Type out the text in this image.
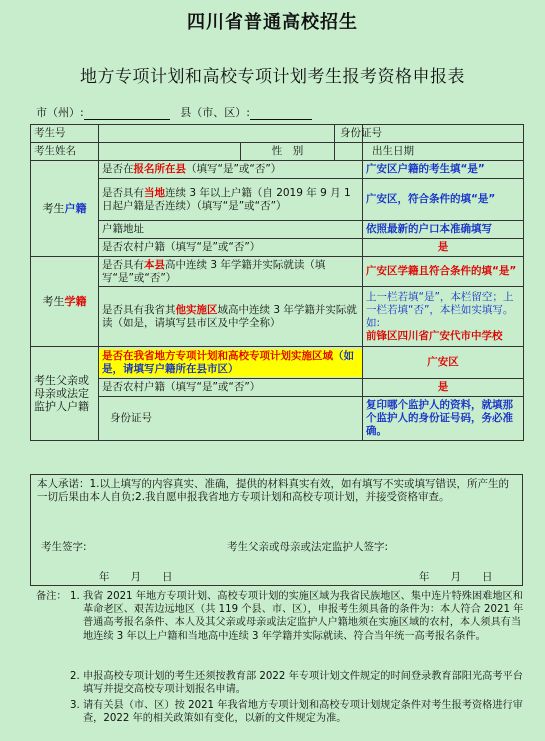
四川省普通高校招生
地方专项计划和高校专项计划考生报考资格申报表
市（州）:	县（市、区）:
考生号			身份证号	
考生姓名		性　别		出生日期
考生户籍	是否在报名所在县（填写“是”或“否”）			广安区户籍的考生填“是”
	是否具有当地连续 3 年以上户籍（自 2019 年 9 月 1 日起户籍是否连续）（填写“是”或“否”）			广安区，符合条件的填“是”
	户籍地址			依照最新的户口本准确填写
	是否农村户籍（填写“是”或“否”）			是
考生学籍	是否具有本县高中连续 3 年学籍并实际就读（填写“是”或“否”）			广安区学籍且符合条件的填“是”
	是否具有我省其他实施区域高中连续 3 年学籍并实际就读（如是，请填写县市区及中学全称）			上一栏若填“是”，本栏留空；上一栏若填“否”，本栏如实填写。如:
前锋区四川省广安代市中学校
考生父亲或母亲或法定监护人户籍	是否在我省地方专项计划和高校专项计划实施区域（如是，请填写户籍所在县市区）			广安区
	是否农村户籍（填写“是”或“否”）			是
	身份证号			复印哪个监护人的资料，就填那个监护人的身份证号码，务必准确。
本人承诺：1.以上填写的内容真实、准确，提供的材料真实有效，如有填写不实或填写错误，所产生的一切后果由本人自负;2.我自愿申报我省地方专项计划和高校专项计划，并接受资格审查。
考生签字:	考生父亲或母亲或法定监护人签字:
年　　月　　日	年　　月　　日
备注： 1. 我省 2021 年地方专项计划、高校专项计划的实施区域为我省民族地区、集中连片特殊困难地区和革命老区、艰苦边远地区（共 119 个县、市、区），申报考生须具备的条件为：本人符合 2021 年普通高考报名条件、本人及其父亲或母亲或法定监护人户籍地须在实施区域的农村，本人须具有当地连续 3 年以上户籍和当地高中连续 3 年学籍并实际就读、符合当年统一高考报名条件。
2. 申报高校专项计划的考生还须按教育部 2022 年专项计划文件规定的时间登录教育部阳光高考平台填写并提交高校专项计划报名申请。
3. 请有关县（市、区）按 2021 年我省地方专项计划和高校专项计划规定条件对考生报考资格进行审查，2022 年的相关政策如有变化，以新的文件规定为准。
